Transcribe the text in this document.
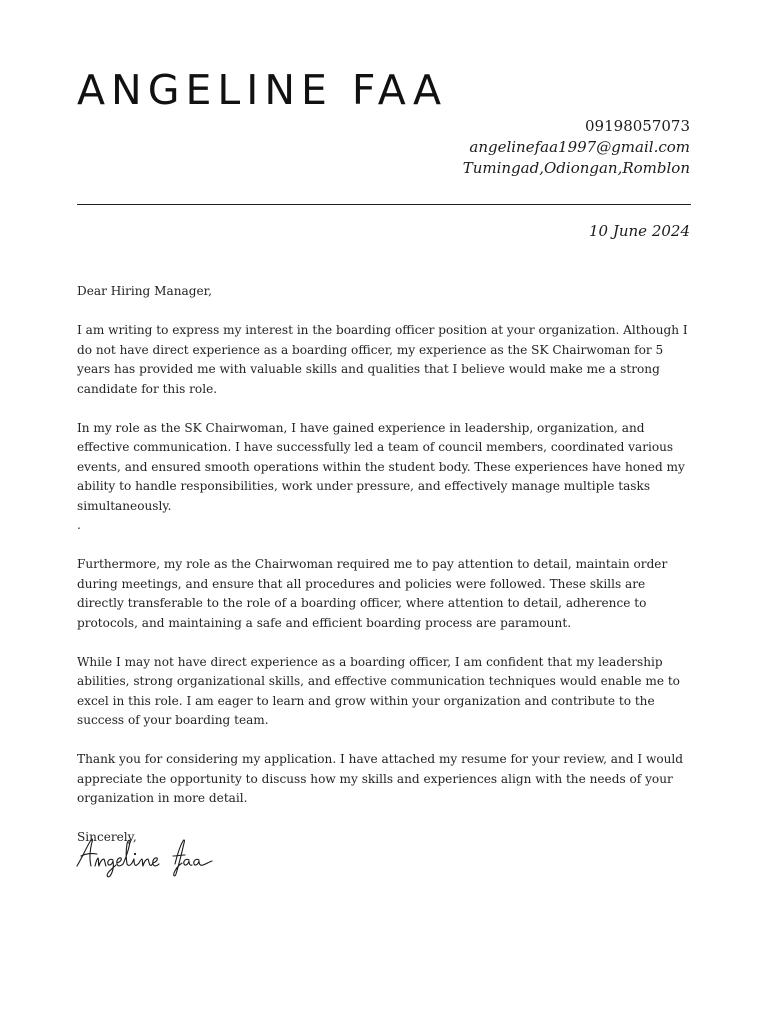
ANGELINE FAA
09198057073
angelinefaa1997@gmail.com
Tumingad,Odiongan,Romblon
10 June 2024

Dear Hiring Manager,

I am writing to express my interest in the boarding officer position at your organization. Although I do not have direct experience as a boarding officer, my experience as the SK Chairwoman for 5 years has provided me with valuable skills and qualities that I believe would make me a strong candidate for this role.

In my role as the SK Chairwoman, I have gained experience in leadership, organization, and effective communication. I have successfully led a team of council members, coordinated various events, and ensured smooth operations within the student body. These experiences have honed my ability to handle responsibilities, work under pressure, and effectively manage multiple tasks simultaneously.

.

Furthermore, my role as the Chairwoman required me to pay attention to detail, maintain order during meetings, and ensure that all procedures and policies were followed. These skills are directly transferable to the role of a boarding officer, where attention to detail, adherence to protocols, and maintaining a safe and efficient boarding process are paramount.

While I may not have direct experience as a boarding officer, I am confident that my leadership abilities, strong organizational skills, and effective communication techniques would enable me to excel in this role. I am eager to learn and grow within your organization and contribute to the success of your boarding team.

Thank you for considering my application. I have attached my resume for your review, and I would appreciate the opportunity to discuss how my skills and experiences align with the needs of your organization in more detail.

Sincerely,
